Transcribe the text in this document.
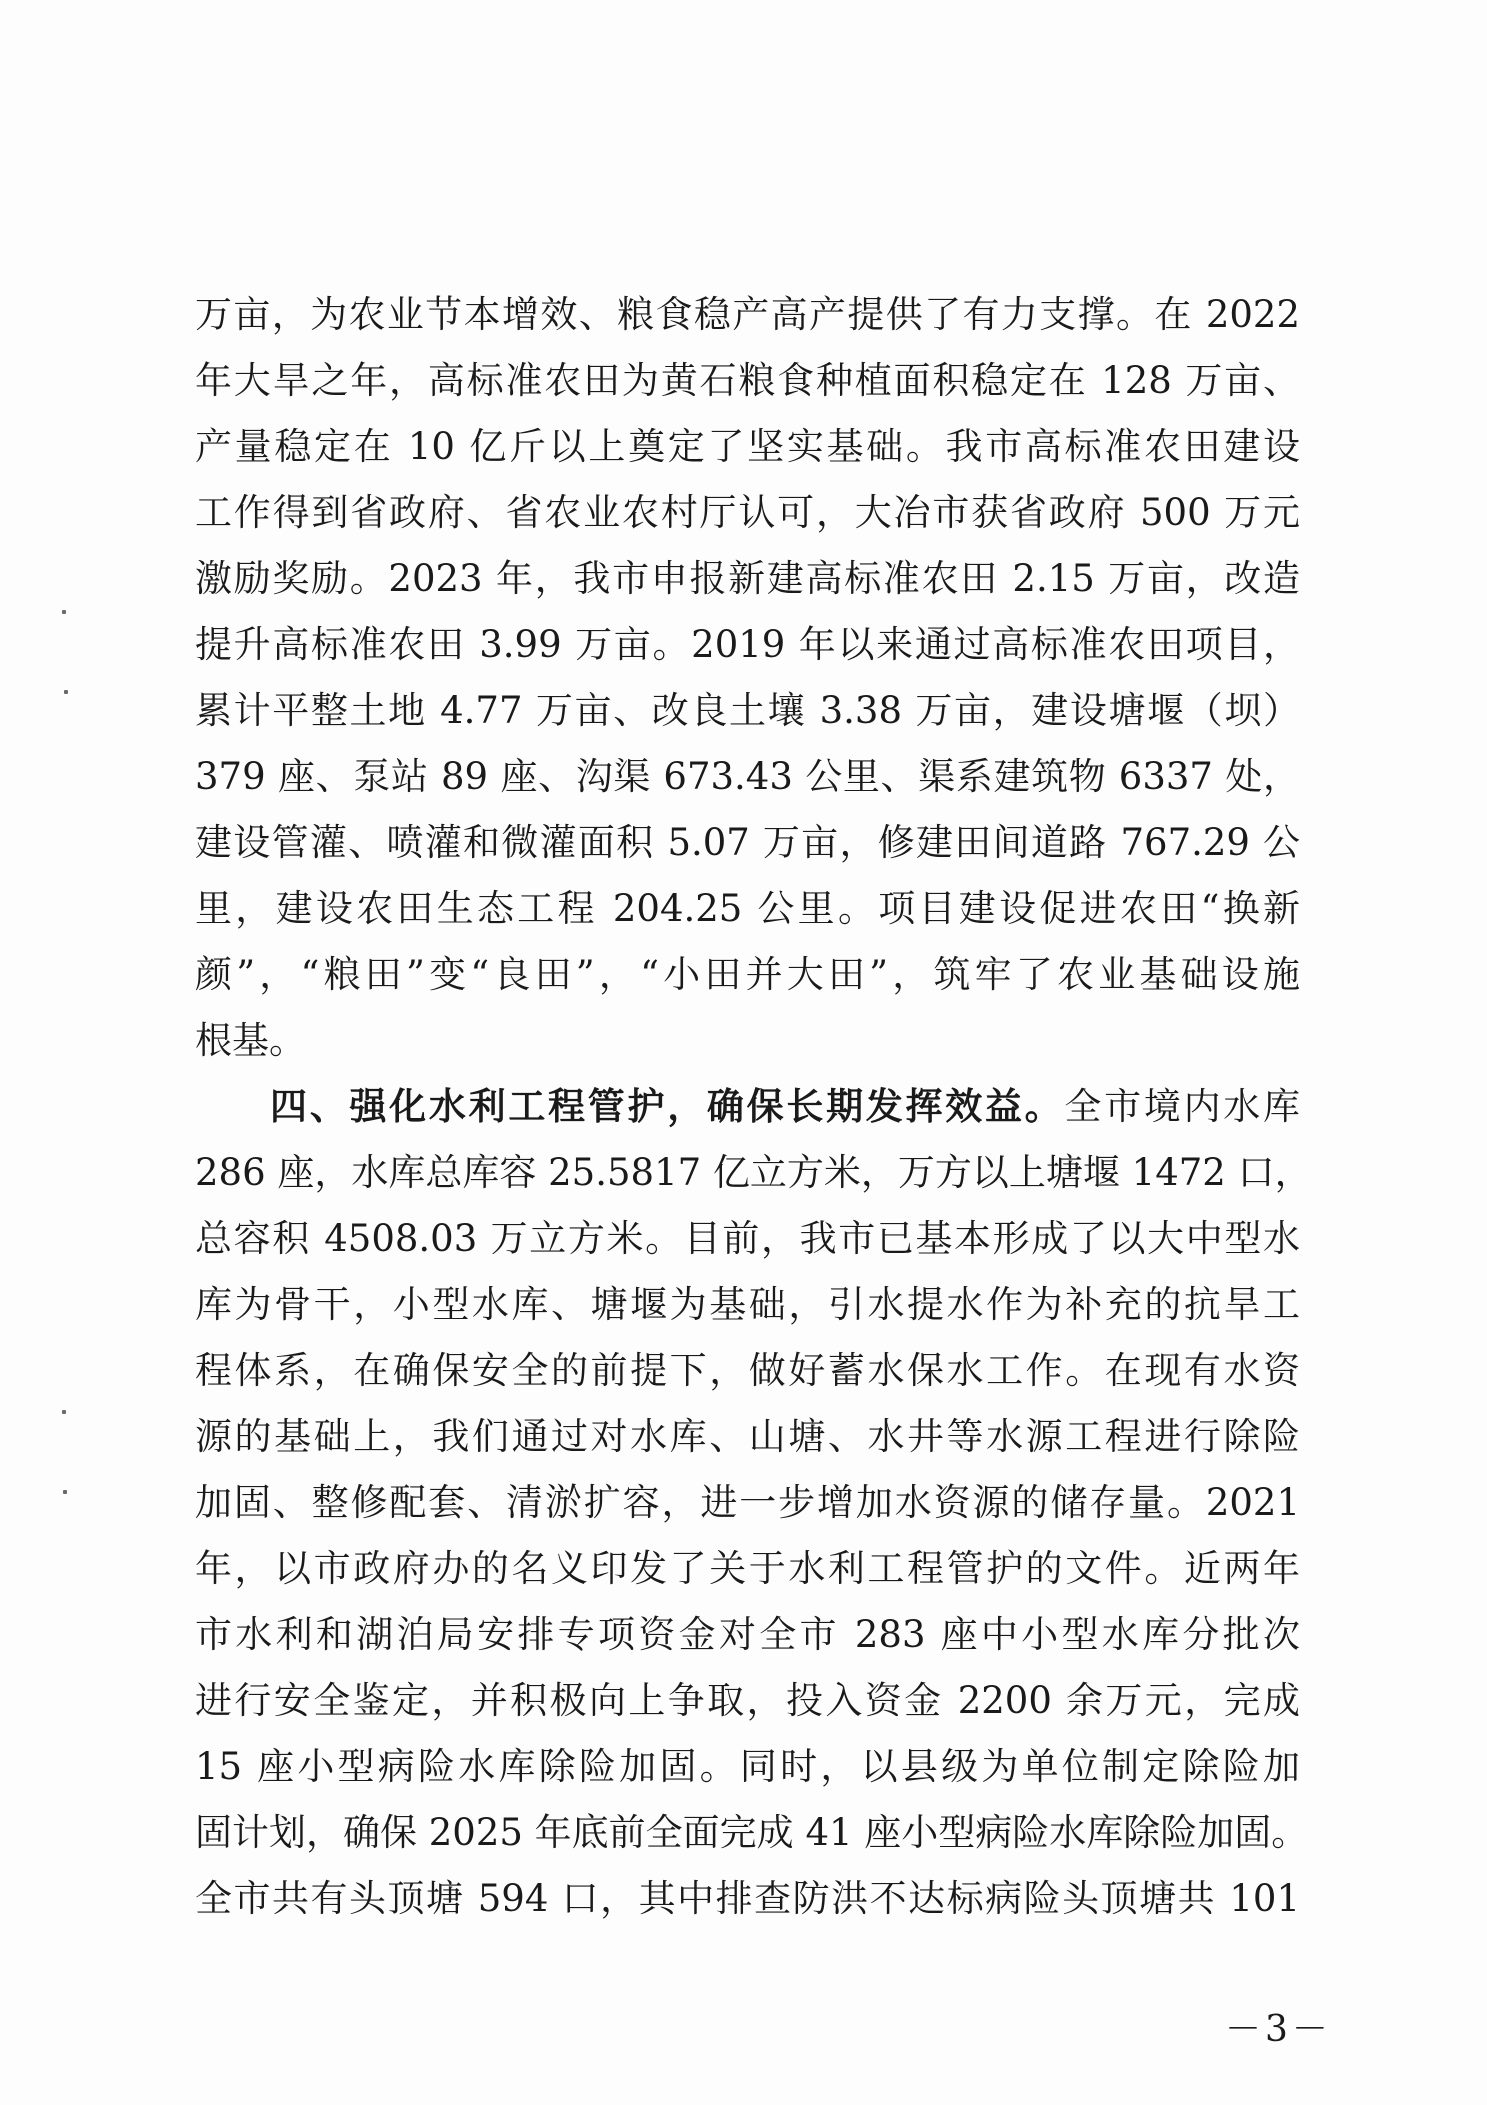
万亩，为农业节本增效、粮食稳产高产提供了有力支撑。在 2022
年大旱之年，高标准农田为黄石粮食种植面积稳定在 128 万亩、
产量稳定在 10 亿斤以上奠定了坚实基础。我市高标准农田建设
工作得到省政府、省农业农村厅认可，大冶市获省政府 500 万元
激励奖励。2023 年，我市申报新建高标准农田 2.15 万亩，改造
提升高标准农田 3.99 万亩。2019 年以来通过高标准农田项目，
累计平整土地 4.77 万亩、改良土壤 3.38 万亩，建设塘堰（坝）
379 座、泵站 89 座、沟渠 673.43 公里、渠系建筑物 6337 处，
建设管灌、喷灌和微灌面积 5.07 万亩，修建田间道路 767.29 公
里，建设农田生态工程 204.25 公里。项目建设促进农田“换新
颜”，“粮田”变“良田”，“小田并大田”，筑牢了农业基础设施
根基。
四、强化水利工程管护，确保长期发挥效益。全市境内水库
286 座，水库总库容 25.5817 亿立方米，万方以上塘堰 1472 口，
总容积 4508.03 万立方米。目前，我市已基本形成了以大中型水
库为骨干，小型水库、塘堰为基础，引水提水作为补充的抗旱工
程体系，在确保安全的前提下，做好蓄水保水工作。在现有水资
源的基础上，我们通过对水库、山塘、水井等水源工程进行除险
加固、整修配套、清淤扩容，进一步增加水资源的储存量。2021
年，以市政府办的名义印发了关于水利工程管护的文件。近两年
市水利和湖泊局安排专项资金对全市 283 座中小型水库分批次
进行安全鉴定，并积极向上争取，投入资金 2200 余万元，完成
15 座小型病险水库除险加固。同时，以县级为单位制定除险加
固计划，确保 2025 年底前全面完成 41 座小型病险水库除险加固。
全市共有头顶塘 594 口，其中排查防洪不达标病险头顶塘共 101
－3－
